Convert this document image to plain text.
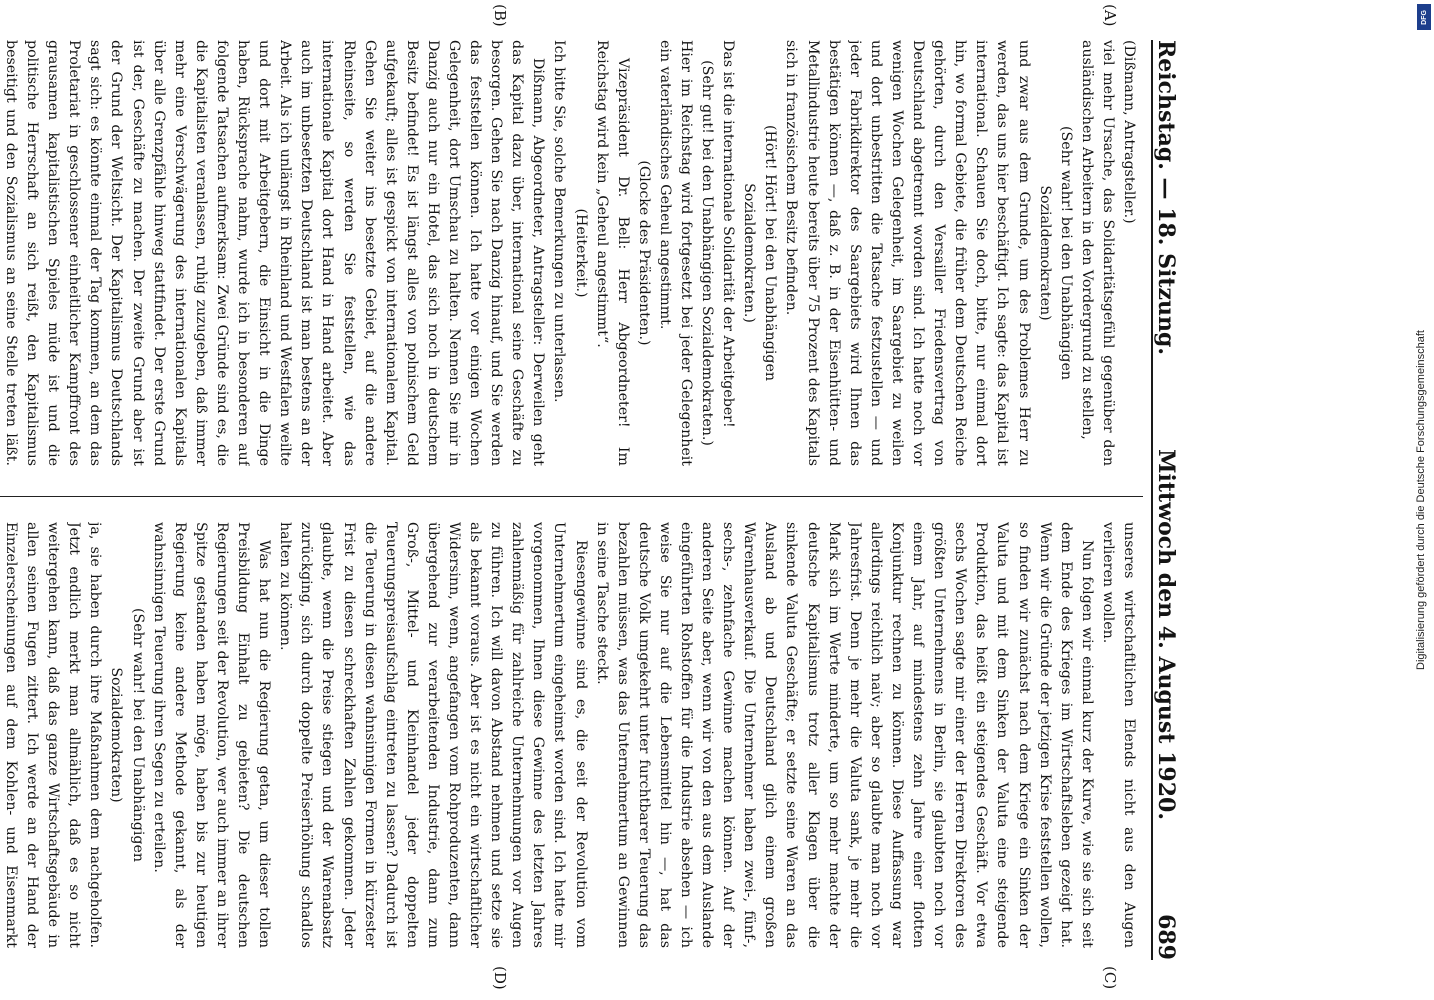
Reichstag. — 18. Sitzung.
Mittwoch den 4. August 1920.
689
(A)
(B)
(C)
(D)

(Dißmann, Antragsteller.)

viel mehr Ursache, das Solidaritätsgefühl gegenüber den ausländischen Arbeitern in den Vordergrund zu stellen,

(Sehr wahr! bei den Unabhängigen Sozialdemokraten)

und zwar aus dem Grunde, um des Problemes Herr zu werden, das uns hier beschäftigt. Ich sagte: das Kapital ist international. Schauen Sie doch, bitte, nur einmal dort hin, wo formal Gebiete, die früher dem Deutschen Reiche gehörten, durch den Versailler Friedensvertrag von Deutschland abgetrennt worden sind. Ich hatte noch vor wenigen Wochen Gelegenheit, im Saargebiet zu weilen und dort unbestritten die Tatsache festzustellen — und jeder Fabrikdirektor des Saargebiets wird Ihnen das bestätigen können —, daß z. B. in der Eisenhütten- und Metallindustrie heute bereits über 75 Prozent des Kapitals sich in französischem Besitz befinden.

(Hört! Hört! bei den Unabhängigen Sozialdemokraten.)

Das ist die internationale Solidarität der Arbeitgeber!

(Sehr gut! bei den Unabhängigen Sozialdemokraten.)

Hier im Reichstag wird fortgesetzt bei jeder Gelegenheit ein vaterländisches Geheul angestimmt.

(Glocke des Präsidenten.)

Vizepräsident Dr. Bell: Herr Abgeordneter! Im Reichstag wird kein „Geheul angestimmt“.

(Heiterkeit.)

Ich bitte Sie, solche Bemerkungen zu unterlassen.

Dißmann, Abgeordneter, Antragsteller: Derweilen geht das Kapital dazu über, international seine Geschäfte zu besorgen. Gehen Sie nach Danzig hinauf, und Sie werden das feststellen können. Ich hatte vor einigen Wochen Gelegenheit, dort Umschau zu halten. Nennen Sie mir in Danzig auch nur ein Hotel, das sich noch in deutschem Besitz befindet! Es ist längst alles von polnischem Geld aufgekauft; alles ist gespickt von internationalem Kapital. Gehen Sie weiter ins besetzte Gebiet, auf die andere Rheinseite, so werden Sie feststellen, wie das internationale Kapital dort Hand in Hand arbeitet. Aber auch im unbesetzten Deutschland ist man bestens an der Arbeit. Als ich unlängst in Rheinland und Westfalen weilte und dort mit Arbeitgebern, die Einsicht in die Dinge haben, Rücksprache nahm, wurde ich in besonderen auf folgende Tatsachen aufmerksam: Zwei Gründe sind es, die die Kapitalisten veranlassen, ruhig zuzugeben, daß immer mehr eine Verschwägerung des internationalen Kapitals über alle Grenzpfähle hinweg stattfindet. Der erste Grund ist der, Geschäfte zu machen. Der zweite Grund aber ist der Grund der Weltsicht. Der Kapitalismus Deutschlands sagt sich: es könnte einmal der Tag kommen, an dem das Proletariat in geschlossener einheitlicher Kampffront des grausamen kapitalistischen Spieles müde ist und die politische Herrschaft an sich reißt, den Kapitalismus beseitigt und den Sozialismus an seine Stelle treten läßt.

unseres wirtschaftlichen Elends nicht aus den Augen verlieren wollen.

Nun folgen wir einmal kurz der Kurve, wie sie sich seit dem Ende des Krieges im Wirtschaftsleben gezeigt hat. Wenn wir die Gründe der jetzigen Krise feststellen wollen, so finden wir zunächst nach dem Kriege ein Sinken der Valuta und mit dem Sinken der Valuta eine steigende Produktion, das heißt ein steigendes Geschäft. Vor etwa sechs Wochen sagte mir einer der Herren Direktoren des größten Unternehmens in Berlin, sie glaubten noch vor einem Jahr, auf mindestens zehn Jahre einer flotten Konjunktur rechnen zu können. Diese Auffassung war allerdings reichlich naiv; aber so glaubte man noch vor Jahresfrist. Denn je mehr die Valuta sank, je mehr die Mark sich im Werte minderte, um so mehr machte der deutsche Kapitalismus trotz aller Klagen über die sinkende Valuta Geschäfte; er setzte seine Waren an das Ausland ab und Deutschland glich einem großen Warenhausverkauf. Die Unternehmer haben zwei-, fünf-, sechs-, zehnfache Gewinne machen können. Auf der anderen Seite aber, wenn wir von den aus dem Auslande eingeführten Rohstoffen für die Industrie absehen — ich weise Sie nur auf die Lebensmittel hin —, hat das deutsche Volk umgekehrt unter furchtbarer Teuerung das bezahlen müssen, was das Unternehmertum an Gewinnen in seine Tasche steckt.

Riesengewinne sind es, die seit der Revolution vom Unternehmertum eingeheimst worden sind. Ich hatte mir vorgenommen, Ihnen diese Gewinne des letzten Jahres zahlenmäßig für zahlreiche Unternehmungen vor Augen zu führen. Ich will davon Abstand nehmen und setze sie als bekannt voraus. Aber ist es nicht ein wirtschaftlicher Widersinn, wenn, angefangen vom Rohproduzenten, dann übergehend zur verarbeitenden Industrie, dann zum Groß-, Mittel- und Kleinhandel jeder doppelten Teuerungspreisaufschlag eintreten zu lassen? Dadurch ist die Teuerung in diesen wahnsinnigen Formen in kürzester Frist zu diesen schreckhaften Zahlen gekommen. Jeder glaubte, wenn die Preise stiegen und der Warenabsatz zurückging, sich durch doppelte Preiserhöhung schadlos halten zu können.

Was hat nun die Regierung getan, um dieser tollen Preisbildung Einhalt zu gebieten? Die deutschen Regierungen seit der Revolution, wer auch immer an ihrer Spitze gestanden haben möge, haben bis zur heutigen Regierung keine andere Methode gekannt, als der wahnsinnigen Teuerung ihren Segen zu erteilen.

(Sehr wahr! bei den Unabhängigen Sozialdemokraten)

ja, sie haben durch ihre Maßnahmen dem nachgeholfen. Jetzt endlich merkt man allmählich, daß es so nicht weitergehen kann, daß das ganze Wirtschaftsgebäude in allen seinen Fugen zittert. Ich werde an der Hand der Einzelerscheinungen auf dem Kohlen- und Eisenmarkt

Digitalisierung gefördert durch die Deutsche Forschungsgemeinschaft
DFG
